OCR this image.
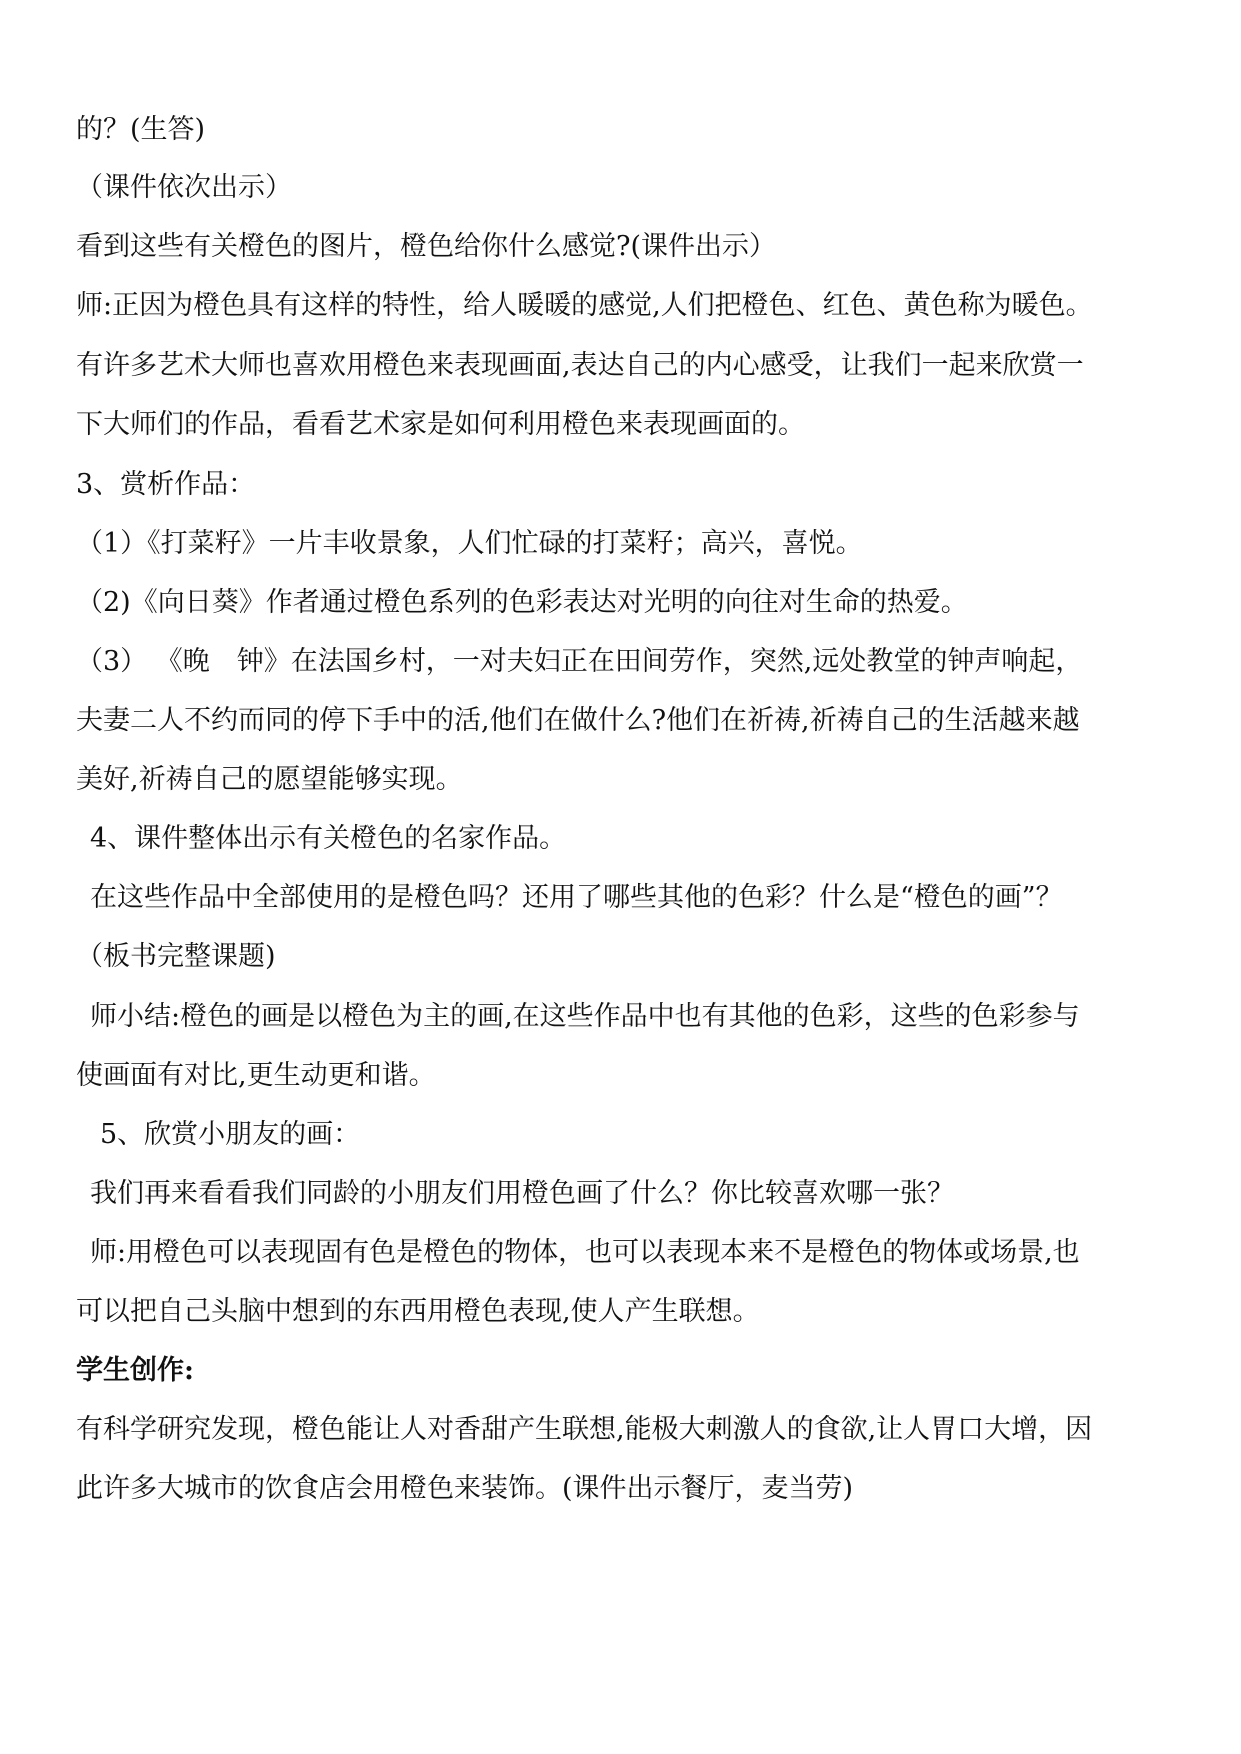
的？(生答)
（课件依次出示）
看到这些有关橙色的图片，橙色给你什么感觉?(课件出示）
师:正因为橙色具有这样的特性，给人暖暖的感觉,人们把橙色、红色、黄色称为暖色。
有许多艺术大师也喜欢用橙色来表现画面,表达自己的内心感受，让我们一起来欣赏一
下大师们的作品，看看艺术家是如何利用橙色来表现画面的。
3、赏析作品：
（1）《打菜籽》一片丰收景象，人们忙碌的打菜籽；高兴，喜悦。
（2)《向日葵》作者通过橙色系列的色彩表达对光明的向往对生命的热爱。
（3） 《晚　钟》在法国乡村，一对夫妇正在田间劳作，突然,远处教堂的钟声响起，
夫妻二人不约而同的停下手中的活,他们在做什么?他们在祈祷,祈祷自己的生活越来越
美好,祈祷自己的愿望能够实现。
4、课件整体出示有关橙色的名家作品。
在这些作品中全部使用的是橙色吗？还用了哪些其他的色彩？什么是“橙色的画”？
（板书完整课题)
师小结:橙色的画是以橙色为主的画,在这些作品中也有其他的色彩，这些的色彩参与
使画面有对比,更生动更和谐。
5、欣赏小朋友的画：
我们再来看看我们同龄的小朋友们用橙色画了什么？你比较喜欢哪一张？
师:用橙色可以表现固有色是橙色的物体，也可以表现本来不是橙色的物体或场景,也
可以把自己头脑中想到的东西用橙色表现,使人产生联想。
学生创作:
有科学研究发现，橙色能让人对香甜产生联想,能极大刺激人的食欲,让人胃口大增，因
此许多大城市的饮食店会用橙色来装饰。(课件出示餐厅，麦当劳)
